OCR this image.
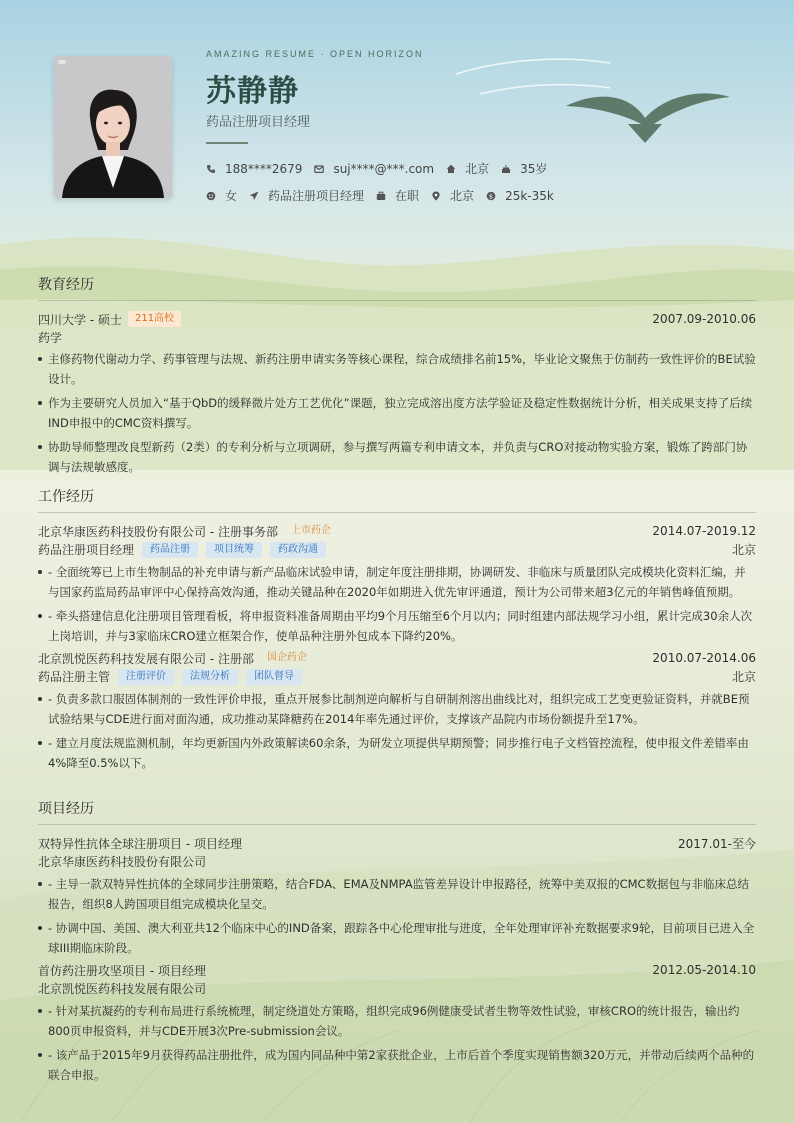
AMAZING RESUME · OPEN HORIZON
苏静静
药品注册项目经理
188****2679	suj****@***.com	北京	35岁
女	药品注册项目经理	在职	北京 $ 25k-35k
教育经历
四川大学 - 硕士	211高校	2007.09-2010.06
药学
主修药物代谢动力学、药事管理与法规、新药注册申请实务等核心课程，综合成绩排名前15%，毕业论文聚焦于仿制药一致性评价的BE试验设计。
作为主要研究人员加入“基于QbD的缓释微片处方工艺优化”课题，独立完成溶出度方法学验证及稳定性数据统计分析，相关成果支持了后续IND申报中的CMC资料撰写。
协助导师整理改良型新药（2类）的专利分析与立项调研，参与撰写两篇专利申请文本，并负责与CRO对接动物实验方案，锻炼了跨部门协调与法规敏感度。
工作经历
北京华康医药科技股份有限公司 - 注册事务部	上市药企	2014.07-2019.12
药品注册项目经理	药品注册	项目统筹	药政沟通	北京
- 全面统筹已上市生物制品的补充申请与新产品临床试验申请，制定年度注册排期，协调研发、非临床与质量团队完成模块化资料汇编，并与国家药监局药品审评中心保持高效沟通，推动关键品种在2020年如期进入优先审评通道，预计为公司带来超3亿元的年销售峰值预期。
- 牵头搭建信息化注册项目管理看板，将申报资料准备周期由平均9个月压缩至6个月以内；同时组建内部法规学习小组，累计完成30余人次上岗培训，并与3家临床CRO建立框架合作，使单品种注册外包成本下降约20%。
北京凯悦医药科技发展有限公司 - 注册部	国企药企	2010.07-2014.06
药品注册主管	注册评价	法规分析	团队督导	北京
- 负责多款口服固体制剂的一致性评价申报，重点开展参比制剂逆向解析与自研制剂溶出曲线比对，组织完成工艺变更验证资料，并就BE预试验结果与CDE进行面对面沟通，成功推动某降糖药在2014年率先通过评价，支撑该产品院内市场份额提升至17%。
- 建立月度法规监测机制，年均更新国内外政策解读60余条，为研发立项提供早期预警；同步推行电子文档管控流程，使申报文件差错率由4%降至0.5%以下。
项目经历
双特异性抗体全球注册项目 - 项目经理	2017.01-至今
北京华康医药科技股份有限公司
- 主导一款双特异性抗体的全球同步注册策略，结合FDA、EMA及NMPA监管差异设计申报路径，统筹中美双报的CMC数据包与非临床总结报告，组织8人跨国项目组完成模块化呈交。
- 协调中国、美国、澳大利亚共12个临床中心的IND备案，跟踪各中心伦理审批与进度，全年处理审评补充数据要求9轮，目前项目已进入全球III期临床阶段。
首仿药注册攻坚项目 - 项目经理	2012.05-2014.10
北京凯悦医药科技发展有限公司
- 针对某抗凝药的专利布局进行系统梳理，制定绕道处方策略，组织完成96例健康受试者生物等效性试验，审核CRO的统计报告，输出约800页申报资料，并与CDE开展3次Pre-submission会议。
- 该产品于2015年9月获得药品注册批件，成为国内同品种中第2家获批企业，上市后首个季度实现销售额320万元，并带动后续两个品种的联合申报。
